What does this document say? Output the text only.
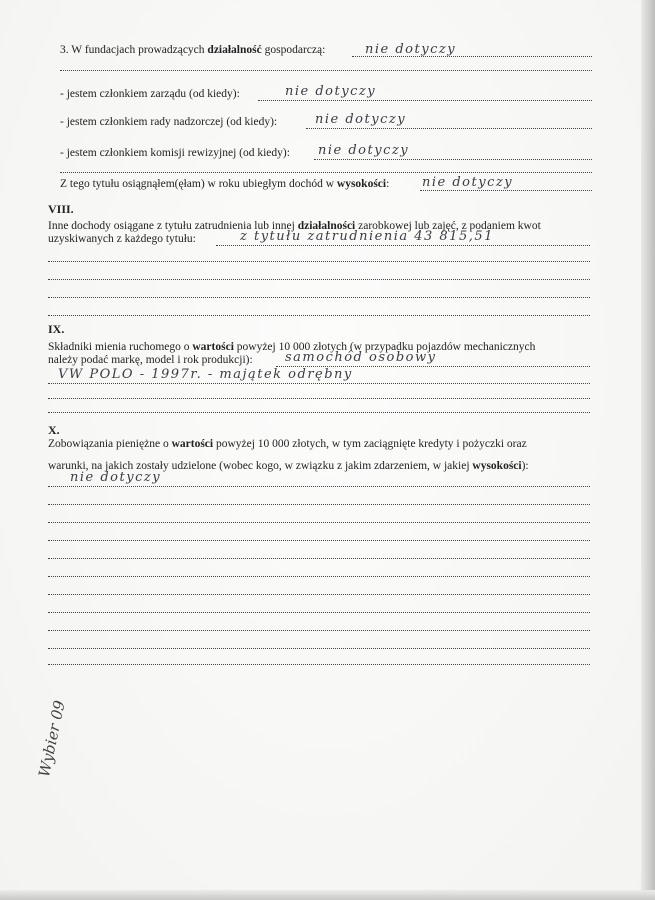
3. W fundacjach prowadzących działalność gospodarczą:	nie dotyczy
- jestem członkiem zarządu (od kiedy):	nie dotyczy
- jestem członkiem rady nadzorczej (od kiedy):	nie dotyczy
- jestem członkiem komisji rewizyjnej (od kiedy): nie dotyczy
Z tego tytułu osiągnąłem(ęłam) w roku ubiegłym dochód w wysokości:	nie dotyczy
VIII.
Inne dochody osiągane z tytułu zatrudnienia lub innej działalności zarobkowej lub zajęć, z podaniem kwot
uzyskiwanych z każdego tytułu:	z tytułu zatrudnienia 43 815,51
IX.
Składniki mienia ruchomego o wartości powyżej 10 000 złotych (w przypadku pojazdów mechanicznych
należy podać markę, model i rok produkcji): samochód osobowy
VW POLO - 1997r. - majątek odrębny
X.
Zobowiązania pieniężne o wartości powyżej 10 000 złotych, w tym zaciągnięte kredyty i pożyczki oraz
warunki, na jakich zostały udzielone (wobec kogo, w związku z jakim zdarzeniem, w jakiej wysokości):
nie dotyczy
Wybier 09
